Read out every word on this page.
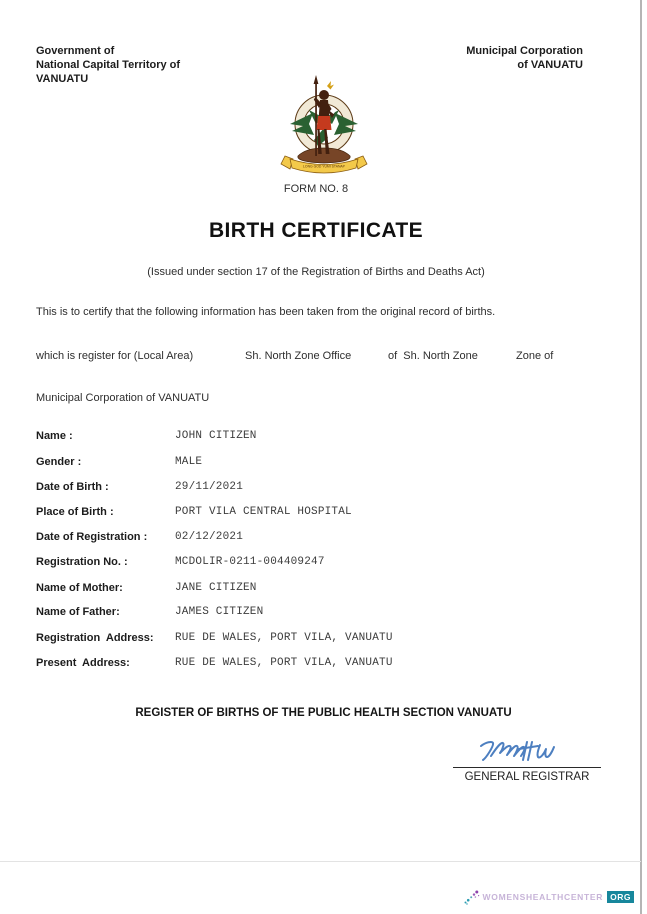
Government of
National Capital Territory of
VANUATU
Municipal Corporation
of VANUATU
LONG GOD YUMI STANAP
FORM NO. 8
BIRTH CERTIFICATE
(Issued under section 17 of the Registration of Births and Deaths Act)
This is to certify that the following information has been taken from the original record of births.
which is register for (Local Area)	Sh. North Zone Office	of  Sh. North Zone	Zone of
Municipal Corporation of VANUATU
Name :	JOHN CITIZEN
Gender :	MALE
Date of Birth :	29/11/2021
Place of Birth :	PORT VILA CENTRAL HOSPITAL
Date of Registration :	02/12/2021
Registration No. :	MCDOLIR-0211-004409247
Name of Mother:	JANE CITIZEN
Name of Father:	JAMES CITIZEN
Registration  Address: RUE DE WALES, PORT VILA, VANUATU
Present  Address:	RUE DE WALES, PORT VILA, VANUATU
REGISTER OF BIRTHS OF THE PUBLIC HEALTH SECTION VANUATU
GENERAL REGISTRAR
WOMENSHEALTHCENTER ORG
